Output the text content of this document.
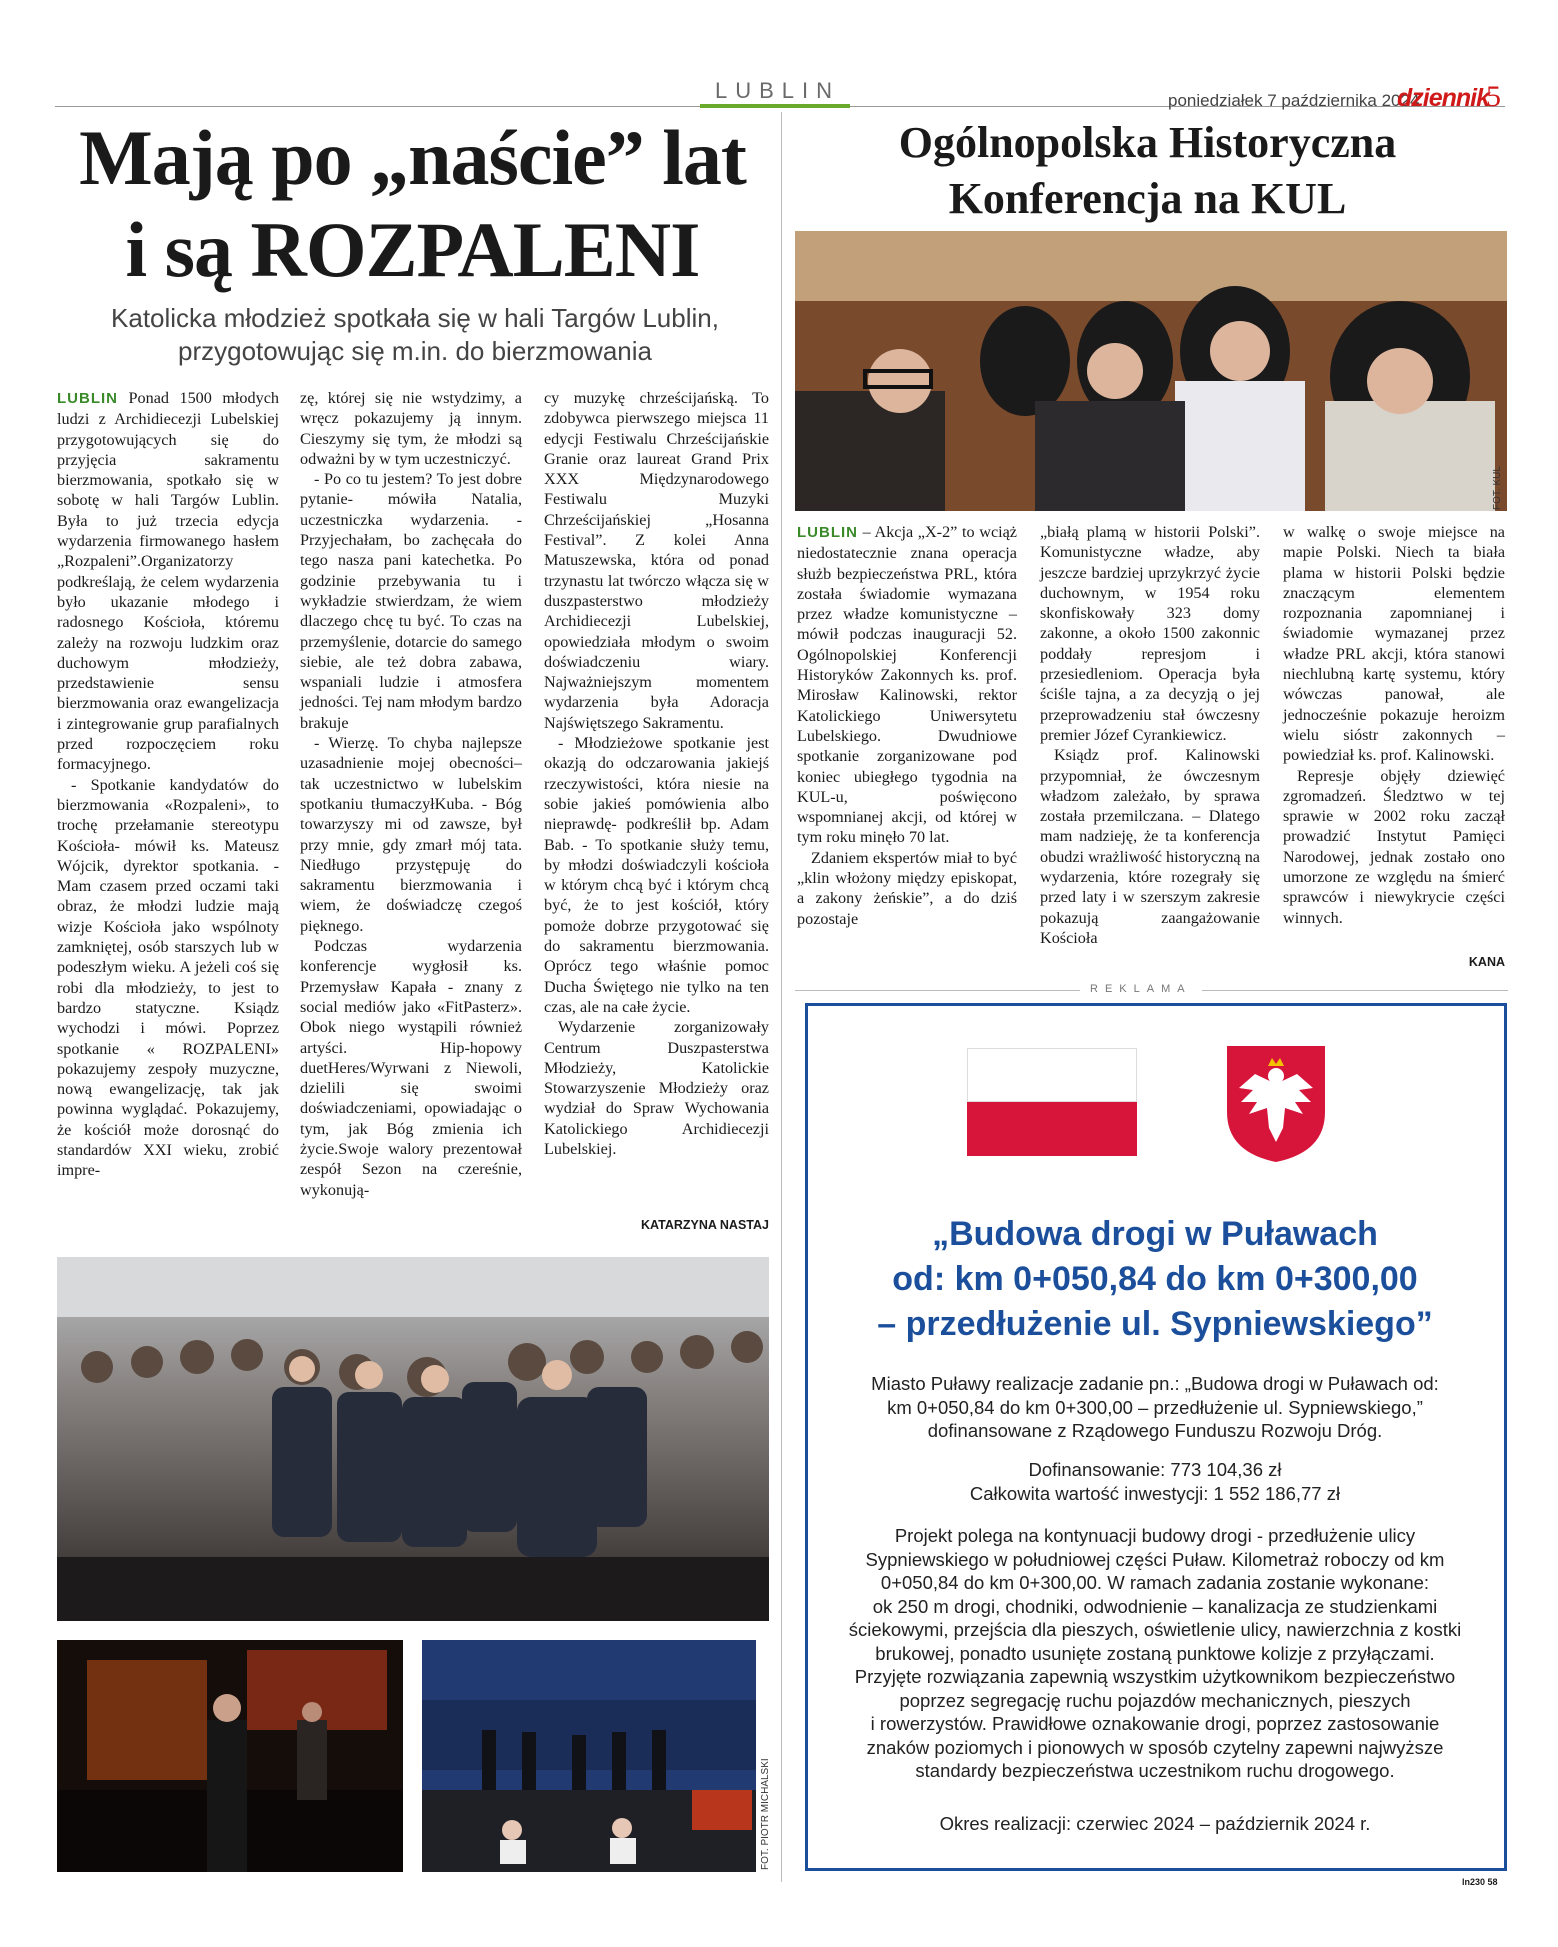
LUBLIN	poniedziałek 7 października 2024
dziennik
5
Mają po „naście” lat
i są ROZPALENI
Katolicka młodzież spotkała się w hali Targów Lublin,
przygotowując się m.in. do bierzmowania

LUBLIN Ponad 1500 młodych ludzi z Archidiecezji Lubelskiej przygotowujących się do przyjęcia sakramentu bierzmowania, spotkało się w sobotę w hali Targów Lublin. Była to już trzecia edycja wydarzenia firmowanego hasłem „Rozpaleni”.Organizatorzy podkreślają, że celem wydarzenia było ukazanie młodego i radosnego Kościoła, któremu zależy na rozwoju ludzkim oraz duchowym młodzieży, przedstawienie sensu bierzmowania oraz ewangelizacja i zintegrowanie grup parafialnych przed rozpoczęciem roku formacyjnego.

- Spotkanie kandydatów do bierzmowania «Rozpaleni», to trochę przełamanie stereotypu Kościoła- mówił ks. Mateusz Wójcik, dyrektor spotkania. - Mam czasem przed oczami taki obraz, że młodzi ludzie mają wizje Kościoła jako wspólnoty zamkniętej, osób starszych lub w podeszłym wieku. A jeżeli coś się robi dla młodzieży, to jest to bardzo statyczne. Ksiądz wychodzi i mówi. Poprzez spotkanie « ROZPALENI» pokazujemy zespoły muzyczne, nową ewangelizację, tak jak powinna wyglądać. Pokazujemy, że kościół może dorosnąć do standardów XXI wieku, zrobić impre-

zę, której się nie wstydzimy, a wręcz pokazujemy ją innym. Cieszymy się tym, że młodzi są odważni by w tym uczestniczyć.

- Po co tu jestem? To jest dobre pytanie- mówiła Natalia, uczestniczka wydarzenia. - Przyjechałam, bo zachęcała do tego nasza pani katechetka. Po godzinie przebywania tu i wykładzie stwierdzam, że wiem dlaczego chcę tu być. To czas na przemyślenie, dotarcie do samego siebie, ale też dobra zabawa, wspaniali ludzie i atmosfera jedności. Tej nam młodym bardzo brakuje

- Wierzę. To chyba najlepsze uzasadnienie mojej obecności– tak uczestnictwo w lubelskim spotkaniu tłumaczyłKuba. - Bóg towarzyszy mi od zawsze, był przy mnie, gdy zmarł mój tata. Niedługo przystępuję do sakramentu bierzmowania i wiem, że doświadczę czegoś pięknego.

Podczas wydarzenia konferencje wygłosił ks. Przemysław Kapała - znany z social mediów jako «FitPasterz». Obok niego wystąpili również artyści. Hip-hopowy duetHeres/Wyrwani z Niewoli, dzielili się swoimi doświadczeniami, opowiadając o tym, jak Bóg zmienia ich życie.Swoje walory prezentował zespół Sezon na czereśnie, wykonują-

cy muzykę chrześcijańską. To zdobywca pierwszego miejsca 11 edycji Festiwalu Chrześcijańskie Granie oraz laureat Grand Prix XXX Międzynarodowego Festiwalu Muzyki Chrześcijańskiej „Hosanna Festival”. Z kolei Anna Matuszewska, która od ponad trzynastu lat twórczo włącza się w duszpasterstwo młodzieży Archidiecezji Lubelskiej, opowiedziała młodym o swoim doświadczeniu wiary. Najważniejszym momentem wydarzenia była Adoracja Najświętszego Sakramentu.

- Młodzieżowe spotkanie jest okazją do odczarowania jakiejś rzeczywistości, która niesie na sobie jakieś pomówienia albo nieprawdę- podkreślił bp. Adam Bab. - To spotkanie służy temu, by młodzi doświadczyli kościoła w którym chcą być i którym chcą być, że to jest kościół, który pomoże dobrze przygotować się do sakramentu bierzmowania. Oprócz tego właśnie pomoc Ducha Świętego nie tylko na ten czas, ale na całe życie.

Wydarzenie zorganizowały Centrum Duszpasterstwa Młodzieży, Katolickie Stowarzyszenie Młodzieży oraz wydział do Spraw Wychowania Katolickiego Archidiecezji Lubelskiej.

KATARZYNA NASTAJ
FOT. PIOTR MICHALSKI
Ogólnopolska Historyczna
Konferencja na KUL
FOT. KUL

LUBLIN – Akcja „X-2” to wciąż niedostatecznie znana operacja służb bezpieczeństwa PRL, która została świadomie wymazana przez władze komunistyczne – mówił podczas inauguracji 52. Ogólnopolskiej Konferencji Historyków Zakonnych ks. prof. Mirosław Kalinowski, rektor Katolickiego Uniwersytetu Lubelskiego. Dwudniowe spotkanie zorganizowane pod koniec ubiegłego tygodnia na KUL-u, poświęcono wspomnianej akcji, od której w tym roku minęło 70 lat.

Zdaniem ekspertów miał to być „klin włożony między episkopat, a zakony żeńskie”, a do dziś pozostaje

„białą plamą w historii Polski”. Komunistyczne władze, aby jeszcze bardziej uprzykrzyć życie duchownym, w 1954 roku skonfiskowały 323 domy zakonne, a około 1500 zakonnic poddały represjom i przesiedleniom. Operacja była ściśle tajna, a za decyzją o jej przeprowadzeniu stał ówczesny premier Józef Cyrankiewicz.

Ksiądz prof. Kalinowski przypomniał, że ówczesnym władzom zależało, by sprawa została przemilczana. – Dlatego mam nadzieję, że ta konferencja obudzi wrażliwość historyczną na wydarzenia, które rozegrały się przed laty i w szerszym zakresie pokazują zaangażowanie Kościoła

w walkę o swoje miejsce na mapie Polski. Niech ta biała plama w historii Polski będzie znaczącym elementem rozpoznania zapomnianej i świadomie wymazanej przez władze PRL akcji, która stanowi niechlubną kartę systemu, który wówczas panował, ale jednocześnie pokazuje heroizm wielu sióstr zakonnych – powiedział ks. prof. Kalinowski.

Represje objęły dziewięć zgromadzeń. Śledztwo w tej sprawie w 2002 roku zaczął prowadzić Instytut Pamięci Narodowej, jednak zostało ono umorzone ze względu na śmierć sprawców i niewykrycie części winnych.

KANA
REKLAMA
„Budowa drogi w Puławach
od: km 0+050,84 do km 0+300,00
– przedłużenie ul. Sypniewskiego”
Miasto Puławy realizacje zadanie pn.: „Budowa drogi w Puławach od:
km 0+050,84 do km 0+300,00 – przedłużenie ul. Sypniewskiego,”
dofinansowane z Rządowego Funduszu Rozwoju Dróg.
Dofinansowanie: 773 104,36 zł
Całkowita wartość inwestycji: 1 552 186,77 zł
Projekt polega na kontynuacji budowy drogi - przedłużenie ulicy
Sypniewskiego w południowej części Puław. Kilometraż roboczy od km
0+050,84 do km 0+300,00. W ramach zadania zostanie wykonane:
ok 250 m drogi, chodniki, odwodnienie – kanalizacja ze studzienkami
ściekowymi, przejścia dla pieszych, oświetlenie ulicy, nawierzchnia z kostki
brukowej, ponadto usunięte zostaną punktowe kolizje z przyłączami.
Przyjęte rozwiązania zapewnią wszystkim użytkownikom bezpieczeństwo
poprzez segregację ruchu pojazdów mechanicznych, pieszych
i rowerzystów. Prawidłowe oznakowanie drogi, poprzez zastosowanie
znaków poziomych i pionowych w sposób czytelny zapewni najwyższe
standardy bezpieczeństwa uczestnikom ruchu drogowego.
Okres realizacji: czerwiec 2024 – październik 2024 r.
ln230 58
